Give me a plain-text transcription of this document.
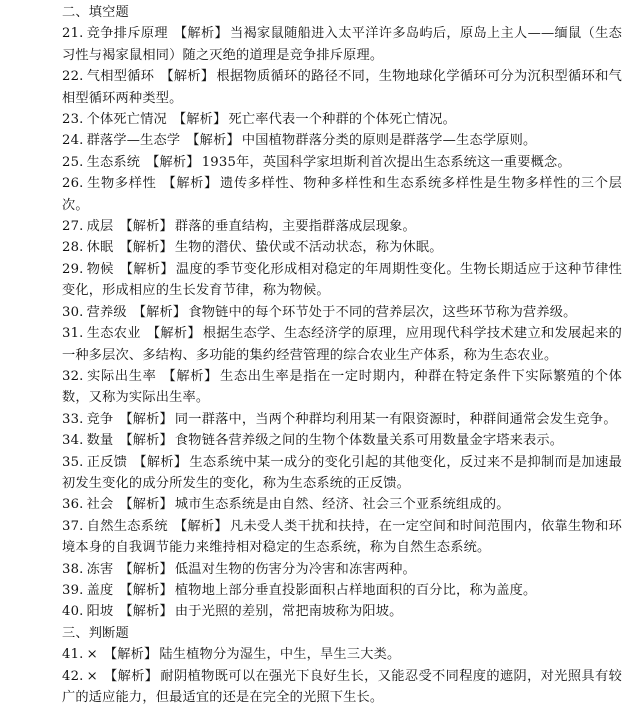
二、填空题

21. 竞争排斥原理 【解析】 当褐家鼠随船进入太平洋许多岛屿后，原岛上主人——缅鼠（生态习性与褐家鼠相同）随之灭绝的道理是竞争排斥原理。

22. 气相型循环 【解析】 根据物质循环的路径不同，生物地球化学循环可分为沉积型循环和气相型循环两种类型。

23. 个体死亡情况 【解析】 死亡率代表一个种群的个体死亡情况。

24. 群落学—生态学 【解析】 中国植物群落分类的原则是群落学—生态学原则。

25. 生态系统 【解析】 1935年，英国科学家坦斯利首次提出生态系统这一重要概念。

26. 生物多样性 【解析】 遗传多样性、物种多样性和生态系统多样性是生物多样性的三个层次。

27. 成层 【解析】 群落的垂直结构，主要指群落成层现象。

28. 休眠 【解析】 生物的潜伏、蛰伏或不活动状态，称为休眠。

29. 物候 【解析】 温度的季节变化形成相对稳定的年周期性变化。生物长期适应于这种节律性变化，形成相应的生长发育节律，称为物候。

30. 营养级 【解析】 食物链中的每个环节处于不同的营养层次，这些环节称为营养级。

31. 生态农业 【解析】 根据生态学、生态经济学的原理，应用现代科学技术建立和发展起来的一种多层次、多结构、多功能的集约经营管理的综合农业生产体系，称为生态农业。

32. 实际出生率 【解析】 生态出生率是指在一定时期内，种群在特定条件下实际繁殖的个体数，又称为实际出生率。

33. 竞争 【解析】 同一群落中，当两个种群均利用某一有限资源时，种群间通常会发生竞争。

34. 数量 【解析】 食物链各营养级之间的生物个体数量关系可用数量金字塔来表示。

35. 正反馈 【解析】 生态系统中某一成分的变化引起的其他变化，反过来不是抑制而是加速最初发生变化的成分所发生的变化，称为生态系统的正反馈。

36. 社会 【解析】 城市生态系统是由自然、经济、社会三个亚系统组成的。

37. 自然生态系统 【解析】 凡未受人类干扰和扶持，在一定空间和时间范围内，依靠生物和环境本身的自我调节能力来维持相对稳定的生态系统，称为自然生态系统。

38. 冻害 【解析】 低温对生物的伤害分为冷害和冻害两种。

39. 盖度 【解析】 植物地上部分垂直投影面积占样地面积的百分比，称为盖度。

40. 阳坡 【解析】 由于光照的差别，常把南坡称为阳坡。

三、判断题

41. × 【解析】 陆生植物分为湿生，中生，旱生三大类。

42. × 【解析】 耐阴植物既可以在强光下良好生长，又能忍受不同程度的遮阴，对光照具有较广的适应能力，但最适宜的还是在完全的光照下生长。
